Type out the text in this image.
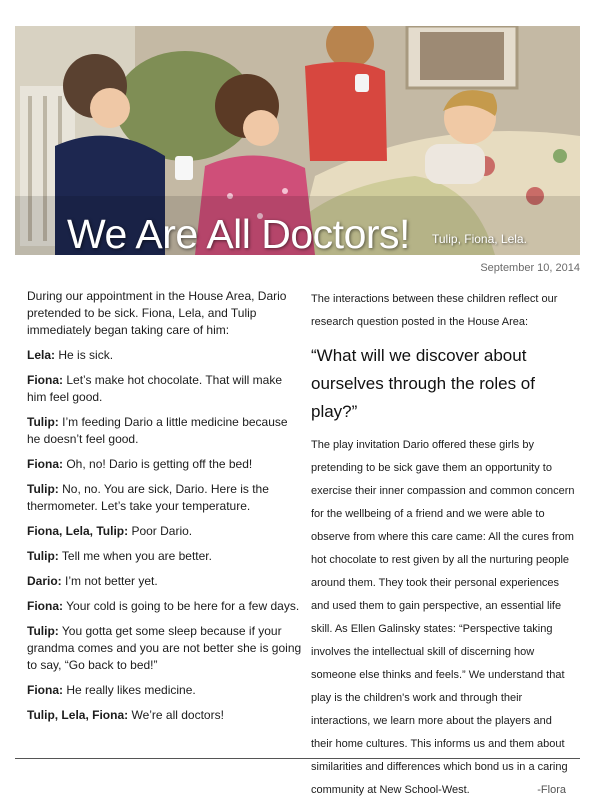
We Are All Doctors! Tulip, Fiona, Lela.
September 10, 2014

During our appointment in the House Area, Dario pretended to be sick. Fiona, Lela, and Tulip immediately began taking care of him:

Lela: He is sick.

Fiona: Let’s make hot chocolate. That will make him feel good.

Tulip: I’m feeding Dario a little medicine because he doesn’t feel good.

Fiona: Oh, no! Dario is getting off the bed!

Tulip: No, no. You are sick, Dario. Here is the thermometer. Let’s take your temperature.

Fiona, Lela, Tulip: Poor Dario.

Tulip: Tell me when you are better.

Dario: I’m not better yet.

Fiona: Your cold is going to be here for a few days.

Tulip: You gotta get some sleep because if your grandma comes and you are not better she is going to say, “Go back to bed!”

Fiona: He really likes medicine.

Tulip, Lela, Fiona: We’re all doctors!

The interactions between these children reflect our research question posted in the House Area:

“What will we discover about ourselves through the roles of play?”

The play invitation Dario offered these girls by pretending to be sick gave them an opportunity to exercise their inner compassion and common concern for the wellbeing of a friend and we were able to observe from where this care came: All the cures from hot chocolate to rest given by all the nurturing people around them. They took their personal experiences and used them to gain perspective, an essential life skill. As Ellen Galinsky states: “Perspective taking involves the intellectual skill of discerning how someone else thinks and feels.” We understand that play is the children's work and through their interactions, we learn more about the players and their home cultures. This informs us and them about similarities and differences which bond us in a caring community at New School-West.	-Flora
